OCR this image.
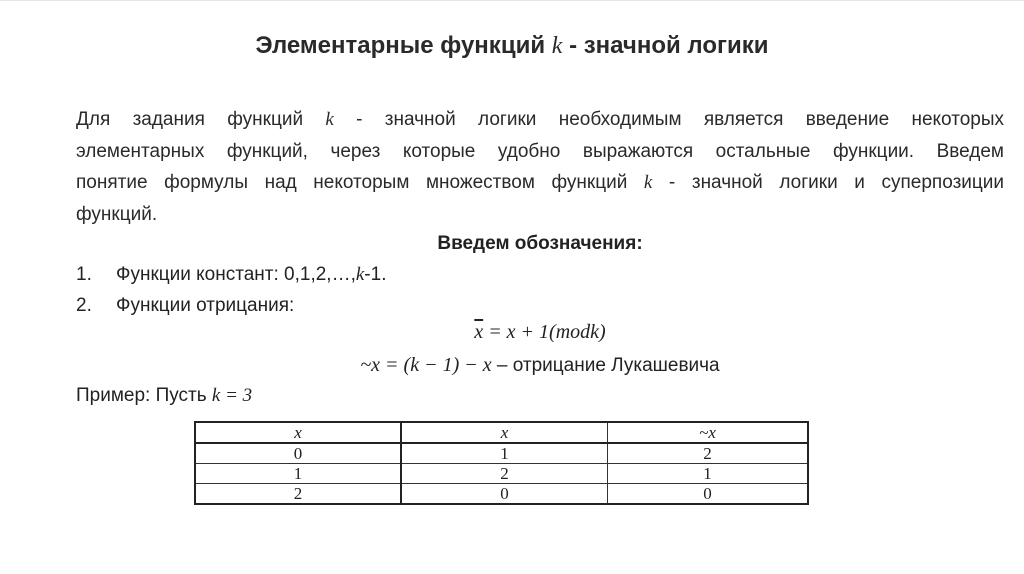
Элементарные функций k - значной логики
Для задания функций k - значной логики необходимым является введение некоторых
элементарных функций, через которые удобно выражаются остальные функции. Введем
понятие формулы над некоторым множеством функций k - значной логики и суперпозиции
функций.
Введем обозначения:
1. Функции констант: 0,1,2,…,k-1.
2. Функции отрицания:
$\overline{x} = x$ + 1(modk)
~x = (k − 1) − x – отрицание Лукашевича
Пример: Пусть k = 3
x	$\overline{x}$	~x
0	1	2
1	2	1
2	0	0
